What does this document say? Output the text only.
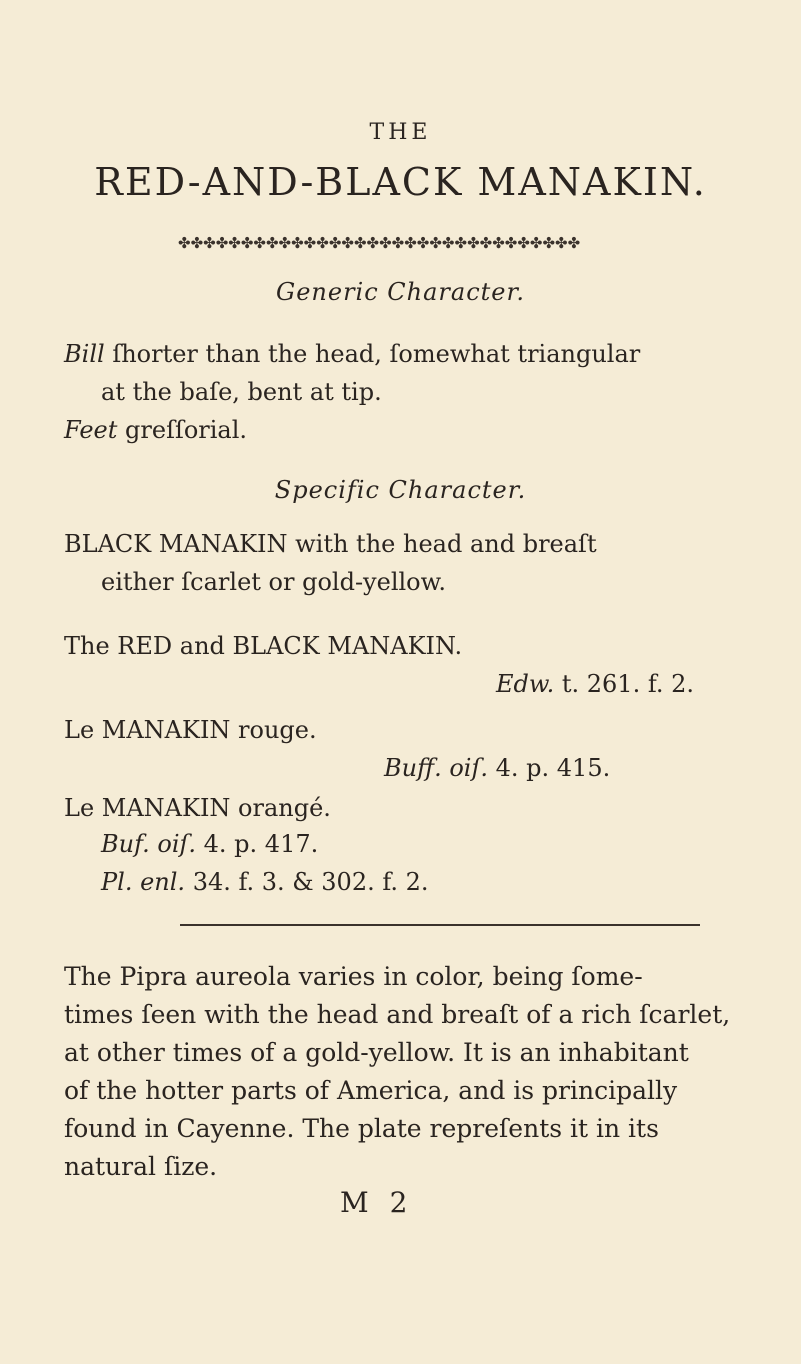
THE
RED-AND-BLACK MANAKIN.
✤✤✤✤✤✤✤✤✤✤✤✤✤✤✤✤✤✤✤✤✤✤✤✤✤✤✤✤✤✤✤✤
Generic Character.
Bill ſhorter than the head, ſomewhat triangular
at the baſe, bent at tip.
Feet greſſorial.
Specific Character.
BLACK MANAKIN with the head and breaſt
either ſcarlet or gold-yellow.
The RED and BLACK MANAKIN.
Edw. t. 261. f. 2.
Le MANAKIN rouge.
Buff. oiſ. 4. p. 415.
Le MANAKIN orangé.
Buf. oiſ. 4. p. 417.
Pl. enl. 34. f. 3. & 302. f. 2.
The Pipra aureola varies in color, being ſome-
times ſeen with the head and breaſt of a rich ſcarlet,
at other times of a gold-yellow. It is an inhabitant
of the hotter parts of America, and is principally
found in Cayenne. The plate repreſents it in its
natural ſize.
M 2
